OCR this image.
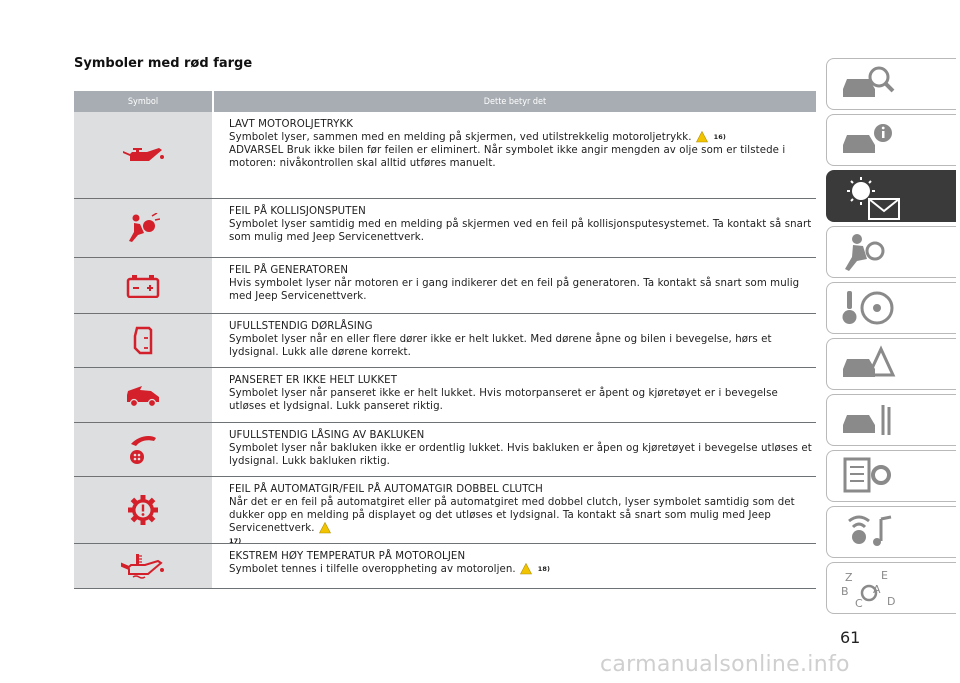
Symboler med rød farge
Symbol	Dette betyr det
LAVT MOTOROLJETRYKK
Symbolet lyser, sammen med en melding på skjermen, ved utilstrekkelig motoroljetrykk.	16)
ADVARSEL Bruk ikke bilen før feilen er eliminert. Når symbolet ikke angir mengden av olje som er tilstede i motoren: nivåkontrollen skal alltid utføres manuelt.
FEIL PÅ KOLLISJONSPUTEN
Symbolet lyser samtidig med en melding på skjermen ved en feil på kollisjonsputesystemet. Ta kontakt så snart som mulig med Jeep Servicenettverk.
FEIL PÅ GENERATOREN
Hvis symbolet lyser når motoren er i gang indikerer det en feil på generatoren. Ta kontakt så snart som mulig med Jeep Servicenettverk.
UFULLSTENDIG DØRLÅSING
Symbolet lyser når en eller flere dører ikke er helt lukket. Med dørene åpne og bilen i bevegelse, hørs et lydsignal. Lukk alle dørene korrekt.
PANSERET ER IKKE HELT LUKKET
Symbolet lyser når panseret ikke er helt lukket. Hvis motorpanseret er åpent og kjøretøyet er i bevegelse utløses et lydsignal. Lukk panseret riktig.
UFULLSTENDIG LÅSING AV BAKLUKEN
Symbolet lyser når bakluken ikke er ordentlig lukket. Hvis bakluken er åpen og kjøretøyet i bevegelse utløses et lydsignal. Lukk bakluken riktig.
FEIL PÅ AUTOMATGIR/FEIL PÅ AUTOMATGIR DOBBEL CLUTCH
Når det er en feil på automatgiret eller på automatgiret med dobbel clutch, lyser symbolet samtidig som det dukker opp en melding på displayet og det utløses et lydsignal. Ta kontakt så snart som mulig med Jeep Servicenettverk.
17)
EKSTREM HØY TEMPERATUR PÅ MOTOROLJEN
Symbolet tennes i tilfelle overoppheting av motoroljen.	18)
Z	E
B A
C D
61
carmanualsonline.info
